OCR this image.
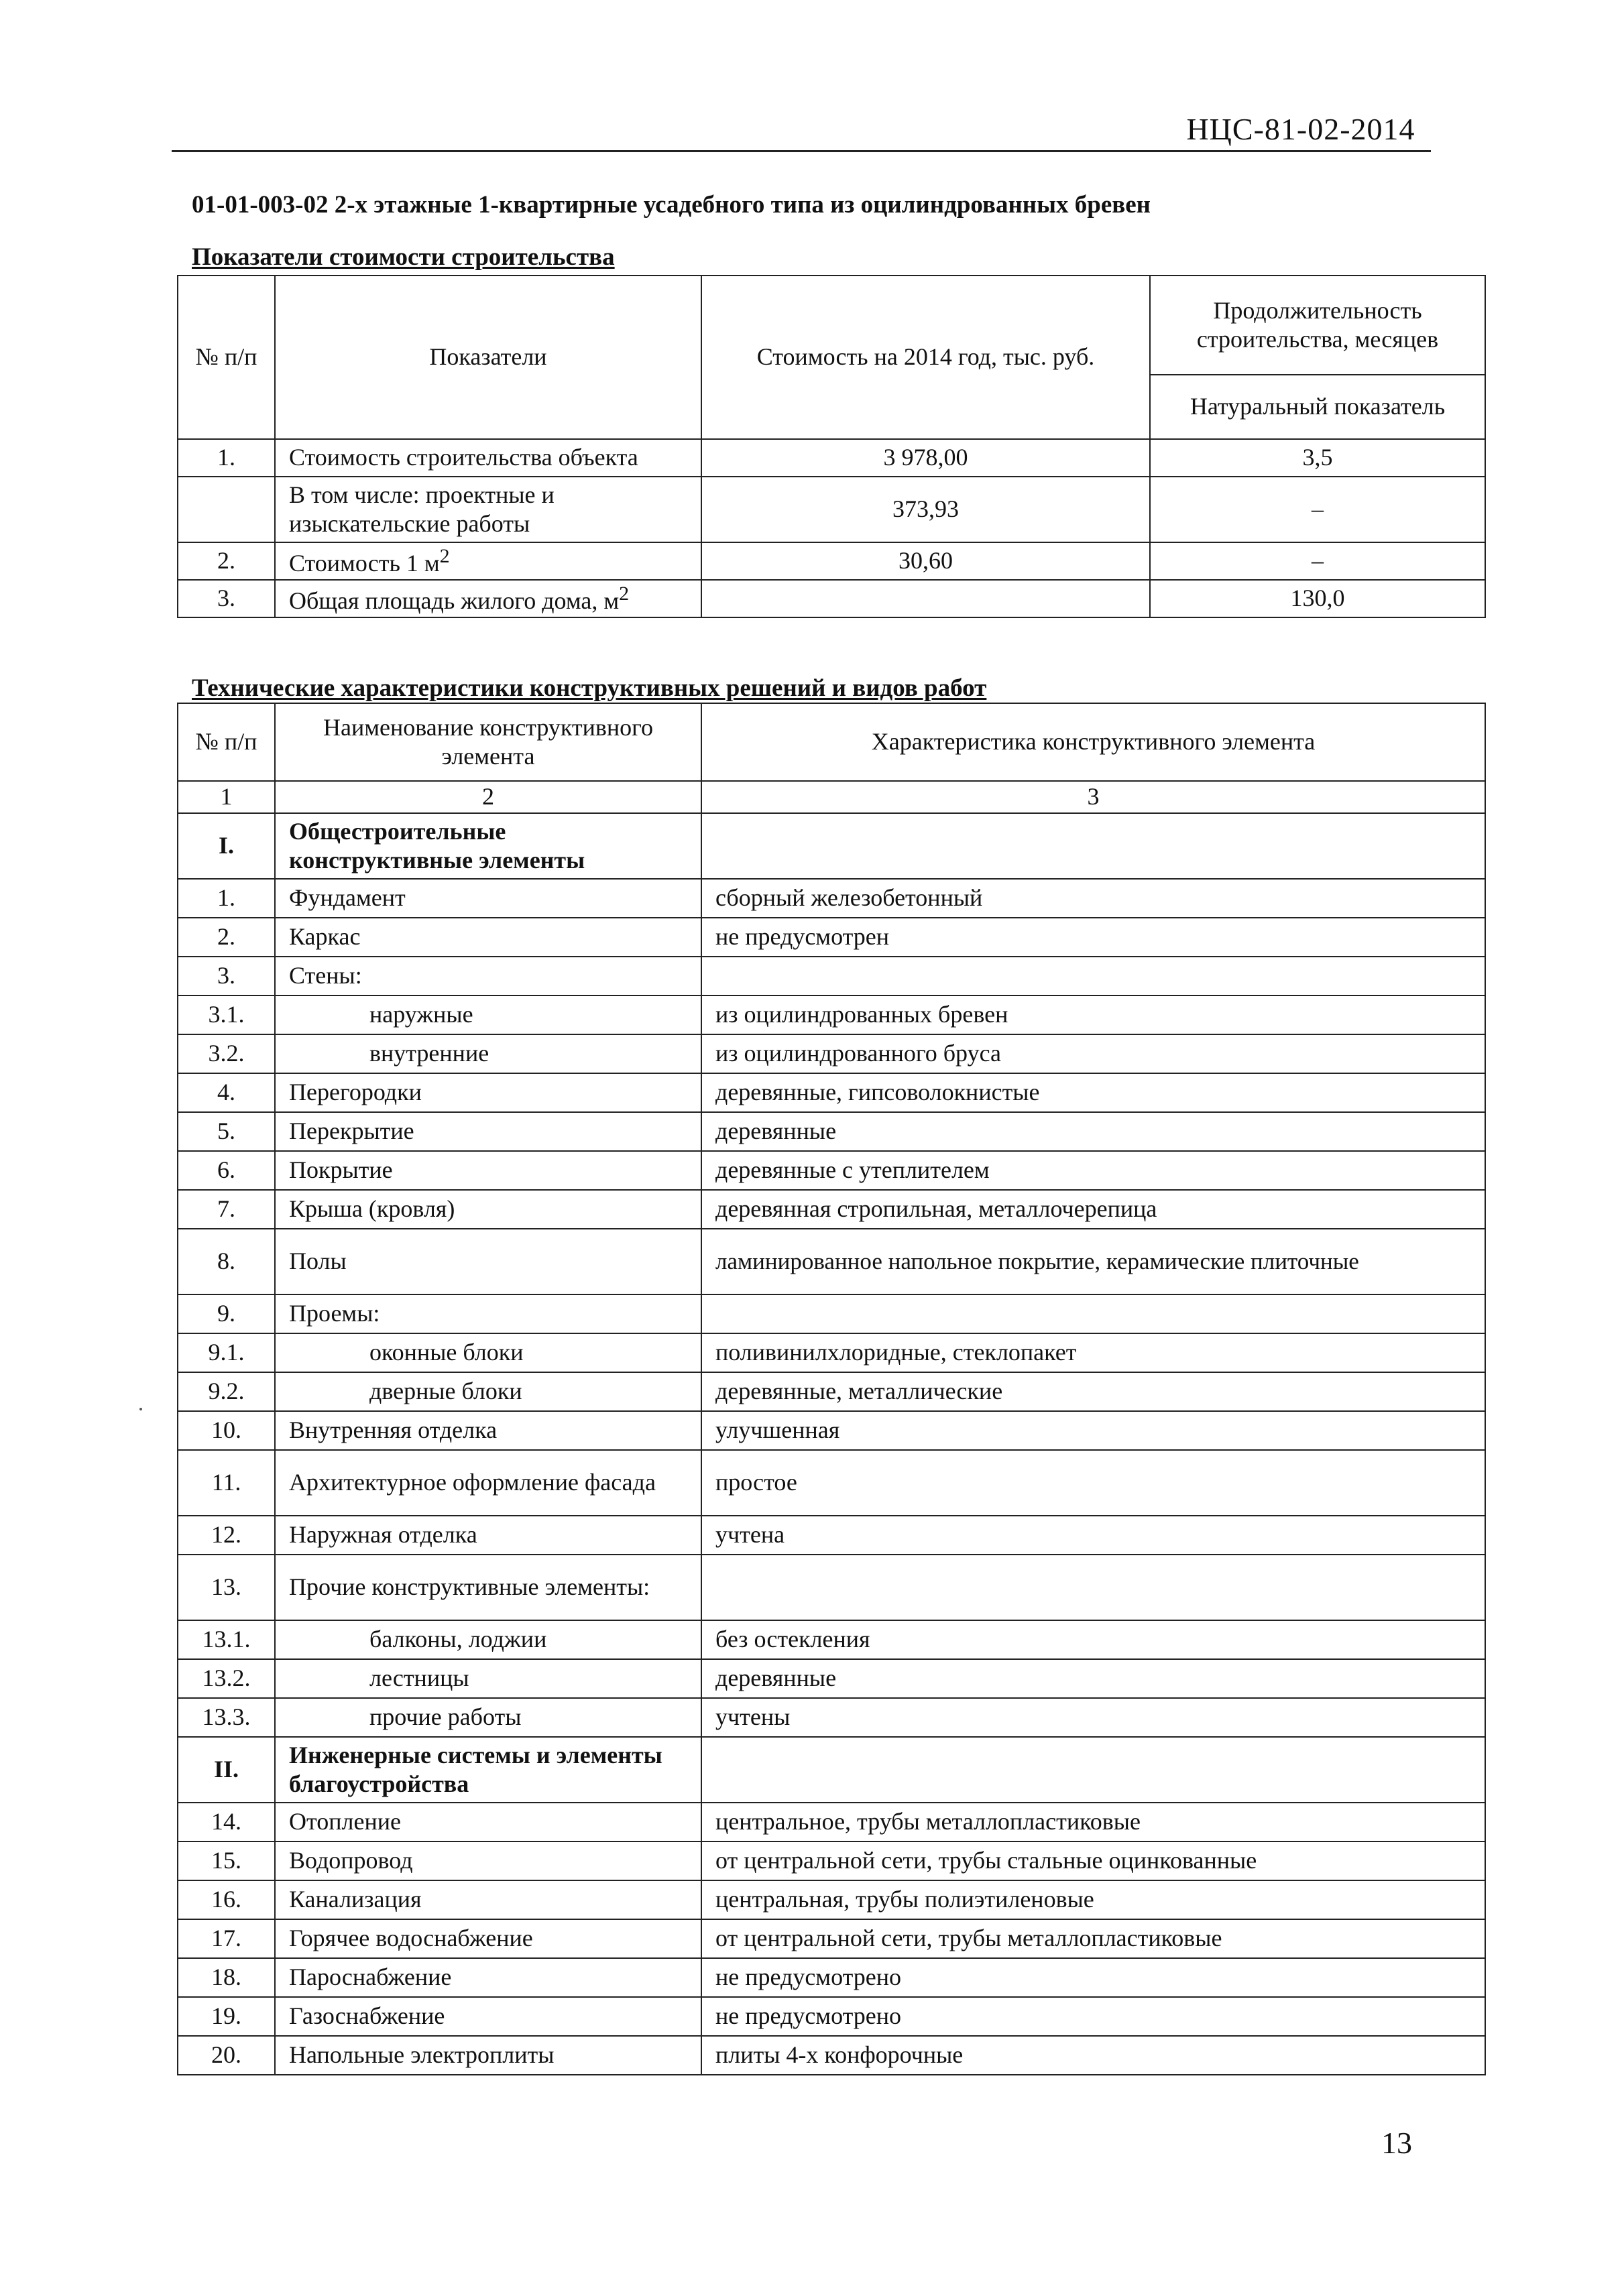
НЦС-81-02-2014
01-01-003-02 2-х этажные 1-квартирные усадебного типа из оцилиндрованных бревен
Показатели стоимости строительства
№ п/п	Показатели	Стоимость на 2014 год, тыс. руб.	Продолжительность строительства, месяцев
			Натуральный показатель
1.	Стоимость строительства объекта	3 978,00	3,5
	В том числе: проектные и изыскательские работы	373,93	–
2.	Стоимость 1 $м^2$	30,60	–
3.	Общая площадь жилого дома, $м^2$		130,0
Технические характеристики конструктивных решений и видов работ
№ п/п	Наименование конструктивного элемента	Характеристика конструктивного элемента
1	2	3
I.	Общестроительные конструктивные элементы	
1.	Фундамент	сборный железобетонный
2.	Каркас	не предусмотрен
3.	Стены:	
3.1.	наружные	из оцилиндрованных бревен
3.2.	внутренние	из оцилиндрованного бруса
4.	Перегородки	деревянные, гипсоволокнистые
5.	Перекрытие	деревянные
6.	Покрытие	деревянные с утеплителем
7.	Крыша (кровля)	деревянная стропильная, металлочерепица
8.	Полы	ламинированное напольное покрытие, керамические плиточные
9.	Проемы:	
9.1.	оконные блоки	поливинилхлоридные, стеклопакет
9.2.	дверные блоки	деревянные, металлические
10.	Внутренняя отделка	улучшенная
11.	Архитектурное оформление фасада	простое
12.	Наружная отделка	учтена
13.	Прочие конструктивные элементы:	
13.1.	балконы, лоджии	без остекления
13.2.	лестницы	деревянные
13.3.	прочие работы	учтены
II.	Инженерные системы и элементы благоустройства	
14.	Отопление	центральное, трубы металлопластиковые
15.	Водопровод	от центральной сети, трубы стальные оцинкованные
16.	Канализация	центральная, трубы полиэтиленовые
17.	Горячее водоснабжение	от центральной сети, трубы металлопластиковые
18.	Пароснабжение	не предусмотрено
19.	Газоснабжение	не предусмотрено
20.	Напольные электроплиты	плиты 4-х конфорочные
13
